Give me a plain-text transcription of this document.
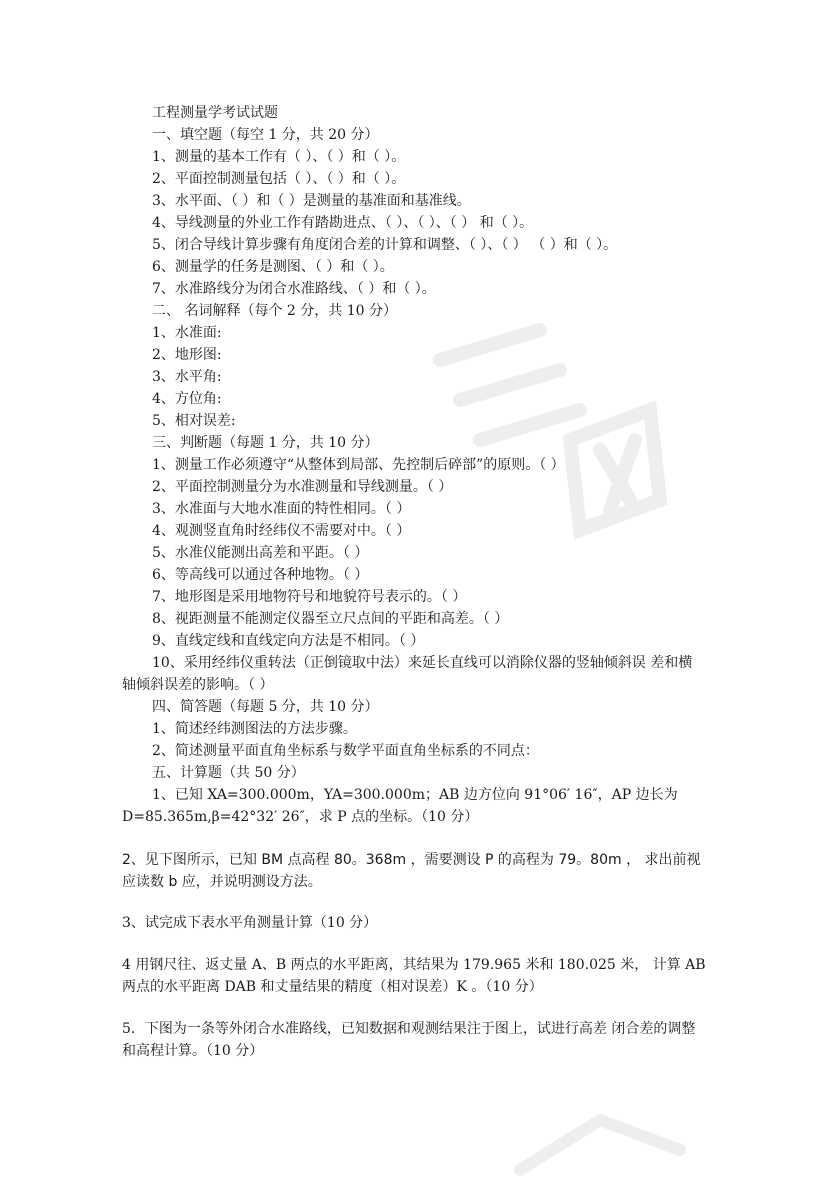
工程测量学考试试题
一、填空题（每空 1 分，共 20 分）
1、测量的基本工作有（ ）、（ ）和（ ）。
2、平面控制测量包括（ ）、（ ）和（ ）。
3、水平面、（ ）和（ ）是测量的基准面和基准线。
4、导线测量的外业工作有踏勘进点、（ ）、（ ）、（ ） 和（ ）。
5、闭合导线计算步骤有角度闭合差的计算和调整、（ ）、（ ） （ ）和（ ）。
6、测量学的任务是测图、（ ）和（ ）。
7、水准路线分为闭合水准路线、（ ）和（ ）。
二、 名词解释（每个 2 分，共 10 分）
1、水准面:
2、地形图:
3、水平角:
4、方位角:
5、相对误差:
三、判断题（每题 1 分，共 10 分）
1、测量工作必须遵守“从整体到局部、先控制后碎部”的原则。（ ）
2、平面控制测量分为水准测量和导线测量。（ ）
3、水准面与大地水准面的特性相同。（ ）
4、观测竖直角时经纬仪不需要对中。（ ）
5、水准仪能测出高差和平距。（ ）
6、等高线可以通过各种地物。（ ）
7、地形图是采用地物符号和地貌符号表示的。（ ）
8、视距测量不能测定仪器至立尺点间的平距和高差。（ ）
9、直线定线和直线定向方法是不相同。（ ）
10、采用经纬仪重转法（正倒镜取中法）来延长直线可以消除仪器的竖轴倾斜误 差和横
轴倾斜误差的影响。（ ）
四、简答题（每题 5 分，共 10 分）
1、简述经纬测图法的方法步骤。
2、简述测量平面直角坐标系与数学平面直角坐标系的不同点：
五、计算题（共 50 分）
1、已知 XA=300.000m，YA=300.000m；AB 边方位向 91°06′ 16″，AP 边长为
D=85.365m,β=42°32′ 26″，求 P 点的坐标。（10 分）
2、见下图所示，已知 BM 点高程 80。368m ，需要测设 P 的高程为 79。80m ， 求出前视
应读数 b 应，并说明测设方法。
3、试完成下表水平角测量计算（10 分）
4 用钢尺往、返丈量 A、B 两点的水平距离，其结果为 179.965 米和 180.025 米， 计算 AB
两点的水平距离 DAB 和丈量结果的精度（相对误差）K 。（10 分）
5．下图为一条等外闭合水准路线，已知数据和观测结果注于图上，试进行高差 闭合差的调整
和高程计算。（10 分）
